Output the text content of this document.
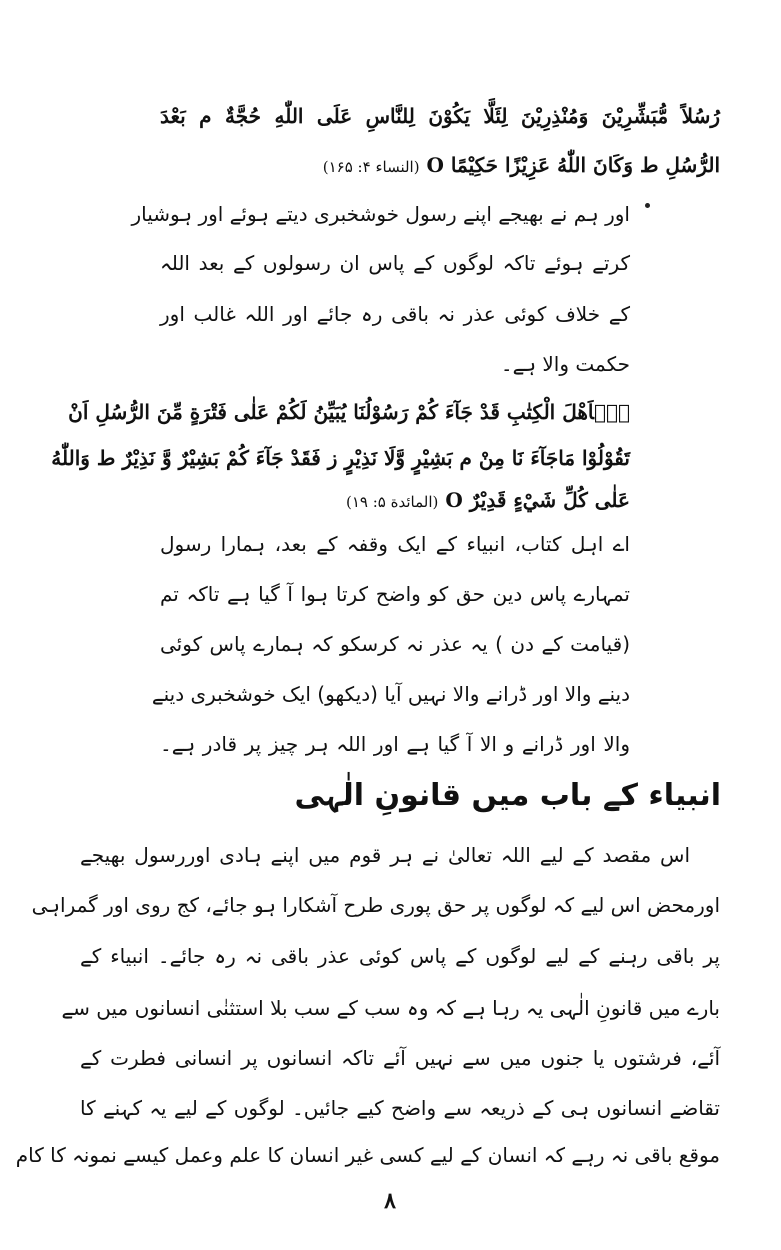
رُسُلاً مُّبَشِّرِيْنَ وَمُنْذِرِيْنَ لِئَلَّا يَكُوْنَ لِلنَّاسِ عَلَى اللّٰهِ حُجَّةٌ م بَعْدَ
الرُّسُلِ ط وَكَانَ اللّٰهُ عَزِيْزًا حَكِيْمًا O (النساء ۴: ۱۶۵)
اور ہم نے بھیجے اپنے رسول خوشخبری دیتے ہوئے اور ہوشیار
کرتے ہوئے تاکہ لوگوں کے پاس ان رسولوں کے بعد اللہ
کے خلاف کوئی عذر نہ باقی رہ جائے اور اللہ غالب اور
حکمت والا ہے۔
يٰۤاَهْلَ الْكِتٰبِ قَدْ جَآءَ كُمْ رَسُوْلُنَا يُبَيِّنُ لَكُمْ عَلٰى فَتْرَةٍ مِّنَ الرُّسُلِ اَنْ
تَقُوْلُوْا مَاجَآءَ نَا مِنْ م بَشِيْرٍ وَّلَا نَذِيْرٍ ز فَقَدْ جَآءَ كُمْ بَشِيْرٌ وَّ نَذِيْرٌ ط وَاللّٰهُ
عَلٰى كُلِّ شَيْءٍ قَدِيْرٌ O (المائدة ۵: ۱۹)
اے اہل کتاب، انبیاء کے ایک وقفہ کے بعد، ہمارا رسول
تمہارے پاس دین حق کو واضح کرتا ہوا آ گیا ہے تاکہ تم
(قیامت کے دن ) یہ عذر نہ کرسکو کہ ہمارے پاس کوئی
دینے والا اور ڈرانے والا نہیں آیا (دیکھو) ایک خوشخبری دینے
والا اور ڈرانے و الا آ گیا ہے اور اللہ ہر چیز پر قادر ہے۔
انبیاء کے باب میں قانونِ الٰہی
اس مقصد کے لیے اللہ تعالیٰ نے ہر قوم میں اپنے ہادی اوررسول بھیجے
اورمحض اس لیے کہ لوگوں پر حق پوری طرح آشکارا ہو جائے، کج روی اور گمراہی
پر باقی رہنے کے لیے لوگوں کے پاس کوئی عذر باقی نہ رہ جائے۔ انبیاء کے
بارے میں قانونِ الٰہی یہ رہا ہے کہ وہ سب کے سب بلا استثنٰی انسانوں میں سے
آئے، فرشتوں یا جنوں میں سے نہیں آئے تاکہ انسانوں پر انسانی فطرت کے
تقاضے انسانوں ہی کے ذریعہ سے واضح کیے جائیں۔ لوگوں کے لیے یہ کہنے کا
موقع باقی نہ رہے کہ انسان کے لیے کسی غیر انسان کا علم وعمل کیسے نمونہ کا کام
۸
